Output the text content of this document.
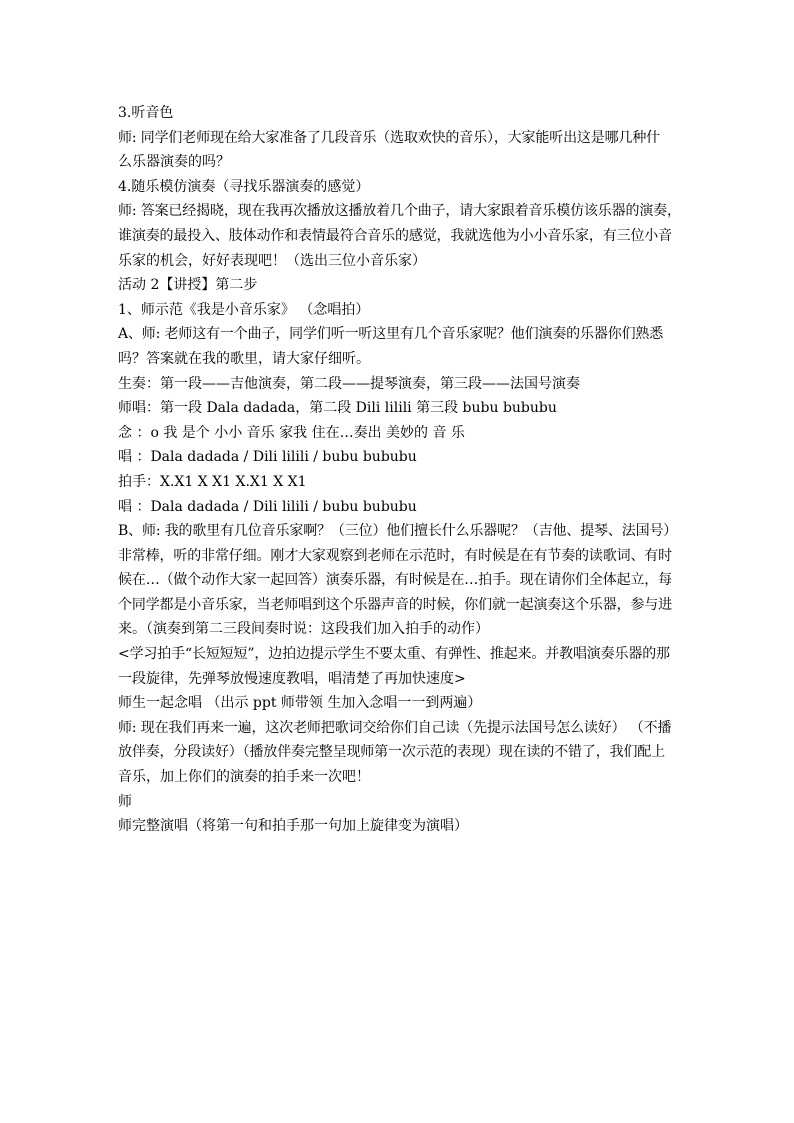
3.听音色
师: 同学们老师现在给大家准备了几段音乐（选取欢快的音乐），大家能听出这是哪几种什
么乐器演奏的吗？
4.随乐模仿演奏（寻找乐器演奏的感觉）
师: 答案已经揭晓，现在我再次播放这播放着几个曲子，请大家跟着音乐模仿该乐器的演奏，
谁演奏的最投入、肢体动作和表情最符合音乐的感觉，我就选他为小小音乐家，有三位小音
乐家的机会，好好表现吧！（选出三位小音乐家）
活动 2【讲授】第二步
1、师示范《我是小音乐家》 （念唱拍）
A、师: 老师这有一个曲子，同学们听一听这里有几个音乐家呢？他们演奏的乐器你们熟悉
吗？答案就在我的歌里，请大家仔细听。
生奏：第一段——吉他演奏，第二段——提琴演奏，第三段——法国号演奏
师唱：第一段 Dala dadada，第二段 Dili lilili 第三段 bubu bububu
念 ：o 我 是个 小小 音乐 家我 住在…奏出 美妙的 音 乐
唱 ：Dala dadada / Dili lilili / bubu bububu
拍手：X.X1 X X1 X.X1 X X1
唱 ：Dala dadada / Dili lilili / bubu bububu
B、师: 我的歌里有几位音乐家啊？（三位）他们擅长什么乐器呢？（吉他、提琴、法国号）
非常棒，听的非常仔细。刚才大家观察到老师在示范时，有时候是在有节奏的读歌词、有时
候在…（做个动作大家一起回答）演奏乐器，有时候是在…拍手。现在请你们全体起立，每
个同学都是小音乐家，当老师唱到这个乐器声音的时候，你们就一起演奏这个乐器，参与进
来。（演奏到第二三段间奏时说：这段我们加入拍手的动作）
<学习拍手“长短短短”，边拍边提示学生不要太重、有弹性、推起来。并教唱演奏乐器的那
一段旋律，先弹琴放慢速度教唱，唱清楚了再加快速度>
师生一起念唱 （出示 ppt 师带领 生加入念唱一一到两遍）
师: 现在我们再来一遍，这次老师把歌词交给你们自己读（先提示法国号怎么读好） （不播
放伴奏，分段读好）（播放伴奏完整呈现师第一次示范的表现）现在读的不错了，我们配上
音乐，加上你们的演奏的拍手来一次吧！
师
师完整演唱（将第一句和拍手那一句加上旋律变为演唱）
